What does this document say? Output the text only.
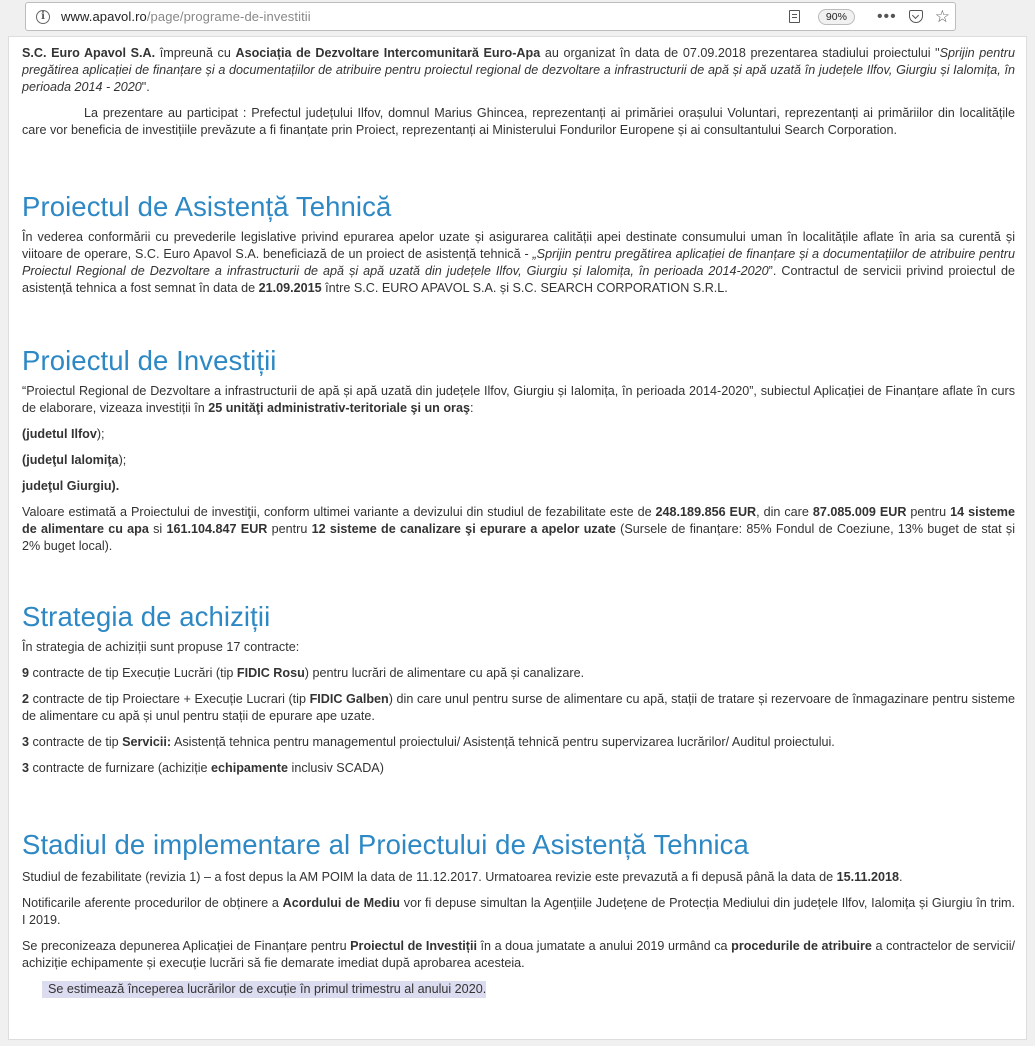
i	www.apavol.ro/page/programe-de-investitii	90%	••• ☆

S.C. Euro Apavol S.A. împreună cu Asociația de Dezvoltare Intercomunitară Euro-Apa au organizat în data de 07.09.2018 prezentarea stadiului proiectului "Sprijin pentru pregătirea aplicației de finanțare și a documentațiilor de atribuire pentru proiectul regional de dezvoltare a infrastructurii de apă și apă uzată în județele Ilfov, Giurgiu și Ialomița, în perioada 2014 - 2020".

La prezentare au participat : Prefectul județului Ilfov, domnul Marius Ghincea, reprezentanți ai primăriei orașului Voluntari, reprezentanți ai primăriilor din localitățile care vor beneficia de investițiile prevăzute a fi finanțate prin Proiect, reprezentanți ai Ministerului Fondurilor Europene și ai consultantului Search Corporation.

Proiectul de Asistență Tehnică

În vederea conformării cu prevederile legislative privind epurarea apelor uzate și asigurarea calității apei destinate consumului uman în localitățile aflate în aria sa curentă și viitoare de operare, S.C. Euro Apavol S.A. beneficiază de un proiect de asistență tehnică - „Sprijin pentru pregătirea aplicației de finanțare și a documentațiilor de atribuire pentru Proiectul Regional de Dezvoltare a infrastructurii de apă și apă uzată din județele Ilfov, Giurgiu și Ialomița, în perioada 2014-2020”. Contractul de servicii privind proiectul de asistență tehnica a fost semnat în data de 21.09.2015 între S.C. EURO APAVOL S.A. și S.C. SEARCH CORPORATION S.R.L.

Proiectul de Investiții

“Proiectul Regional de Dezvoltare a infrastructurii de apă și apă uzată din județele Ilfov, Giurgiu și Ialomița, în perioada 2014-2020”, subiectul Aplicației de Finanțare aflate în curs de elaborare, vizeaza investiții în 25 unităţi administrativ-teritoriale şi un oraş:

(judetul Ilfov);

(judeţul Ialomiţa);

judeţul Giurgiu).

Valoare estimată a Proiectului de investiţii, conform ultimei variante a devizului din studiul de fezabilitate este de 248.189.856 EUR, din care 87.085.009 EUR pentru 14 sisteme de alimentare cu apa si 161.104.847 EUR pentru 12 sisteme de canalizare şi epurare a apelor uzate (Sursele de finanțare: 85% Fondul de Coeziune, 13% buget de stat și 2% buget local).

Strategia de achiziții

În strategia de achiziții sunt propuse 17 contracte:

9 contracte de tip Execuție Lucrări (tip FIDIC Rosu) pentru lucrări de alimentare cu apă și canalizare.

2 contracte de tip Proiectare + Execuție Lucrari (tip FIDIC Galben) din care unul pentru surse de alimentare cu apă, stații de tratare și rezervoare de înmagazinare pentru sisteme de alimentare cu apă și unul pentru stații de epurare ape uzate.

3 contracte de tip Servicii: Asistență tehnica pentru managementul proiectului/ Asistență tehnică pentru supervizarea lucrărilor/ Auditul proiectului.

3 contracte de furnizare (achiziție echipamente inclusiv SCADA)

Stadiul de implementare al Proiectului de Asistență Tehnica

Studiul de fezabilitate (revizia 1) – a fost depus la AM POIM la data de 11.12.2017. Urmatoarea revizie este prevazută a fi depusă până la data de 15.11.2018.

Notificarile aferente procedurilor de obținere a Acordului de Mediu vor fi depuse simultan la Agențiile Județene de Protecția Mediului din județele Ilfov, Ialomița și Giurgiu în trim. I 2019.

Se preconizeaza depunerea Aplicației de Finanțare pentru Proiectul de Investiții în a doua jumatate a anului 2019 urmând ca procedurile de atribuire a contractelor de servicii/ achiziție echipamente și execuție lucrări să fie demarate imediat după aprobarea acesteia.

Se estimează începerea lucrărilor de excuție în primul trimestru al anului 2020.
